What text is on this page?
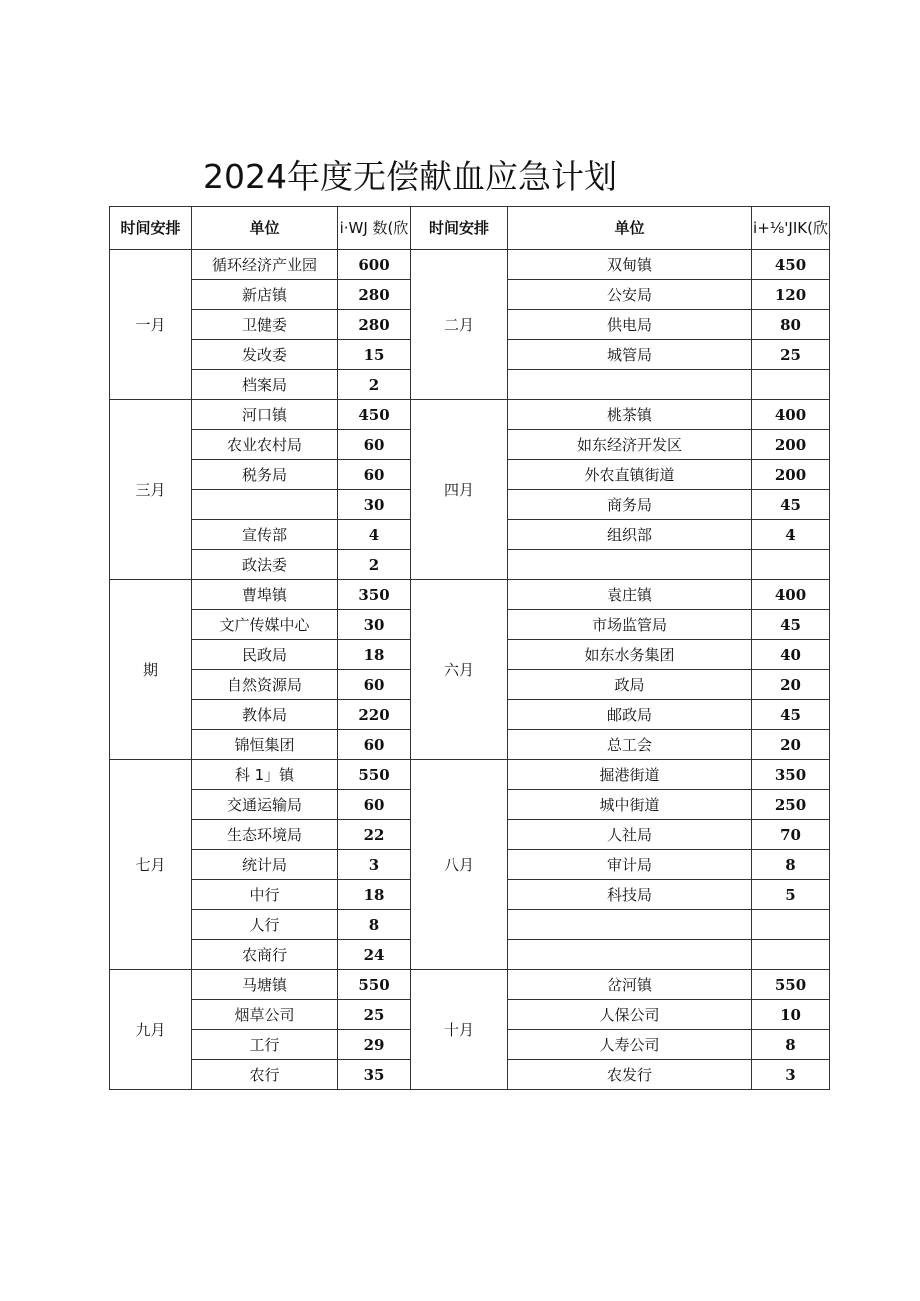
2024年度无偿献血应急计划
时间安排	单位	i·WJ 数(欣	时间安排	单位	i+⅛'JIK(欣
一月	循环经济产业园	600	二月	双甸镇	450
	新店镇	280		公安局	120
	卫健委	280		供电局	80
	发改委	15		城管局	25
	档案局	2			
三月	河口镇	450	四月	桃茶镇	400
	农业农村局	60		如东经济开发区	200
	税务局	60		外农直镇街道	200
		30		商务局	45
	宣传部	4		组织部	4
	政法委	2			
期	曹埠镇	350	六月	袁庄镇	400
	文广传媒中心	30		市场监管局	45
	民政局	18		如东水务集团	40
	自然资源局	60		政局	20
	教体局	220		邮政局	45
	锦恒集团	60		总工会	20
七月	科 1」镇	550	八月	掘港街道	350
	交通运输局	60		城中街道	250
	生态环境局	22		人社局	70
	统计局	3		审计局	8
	中行	18		科技局	5
	人行	8			
	农商行	24			
九月	马塘镇	550	十月	岔河镇	550
	烟草公司	25		人保公司	10
	工行	29		人寿公司	8
	农行	35		农发行	3
